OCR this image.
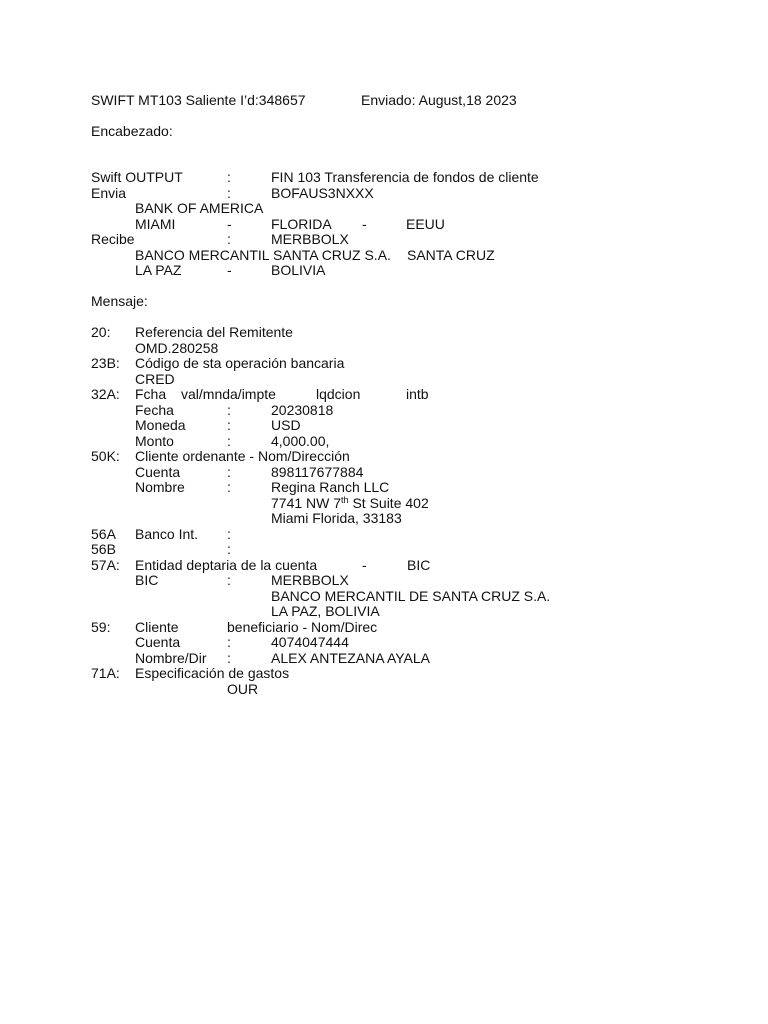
SWIFT MT103 Saliente I’d:348657	Enviado: August,18 2023
Encabezado:
Swift OUTPUT	:	FIN 103 Transferencia de fondos de cliente
Envia	:	BOFAUS3NXXX
BANK OF AMERICA
MIAMI	-	FLORIDA -	EEUU
Recibe	:	MERBBOLX
BANCO MERCANTIL SANTA CRUZ S.A. SANTA CRUZ
LA PAZ	-	BOLIVIA
Mensaje:
20: Referencia del Remitente
OMD.280258
23B: Código de sta operación bancaria
CRED
32A: Fcha val/mnda/impte	lqdcion	intb
Fecha	:	20230818
Moneda	:	USD
Monto	:	4,000.00,
50K: Cliente ordenante - Nom/Dirección
Cuenta	:	898117677884
Nombre	:	Regina Ranch LLC
7741 NW 7th St Suite 402
Miami Florida, 33183
56A Banco Int. :
56B	:
57A: Entidad deptaria de la cuenta	-	BIC
BIC	:	MERBBOLX
BANCO MERCANTIL DE SANTA CRUZ S.A.
LA PAZ, BOLIVIA
59: Cliente	beneficiario - Nom/Direc
Cuenta	:	4074047444
Nombre/Dir :	ALEX ANTEZANA AYALA
71A: Especificación de gastos
OUR
